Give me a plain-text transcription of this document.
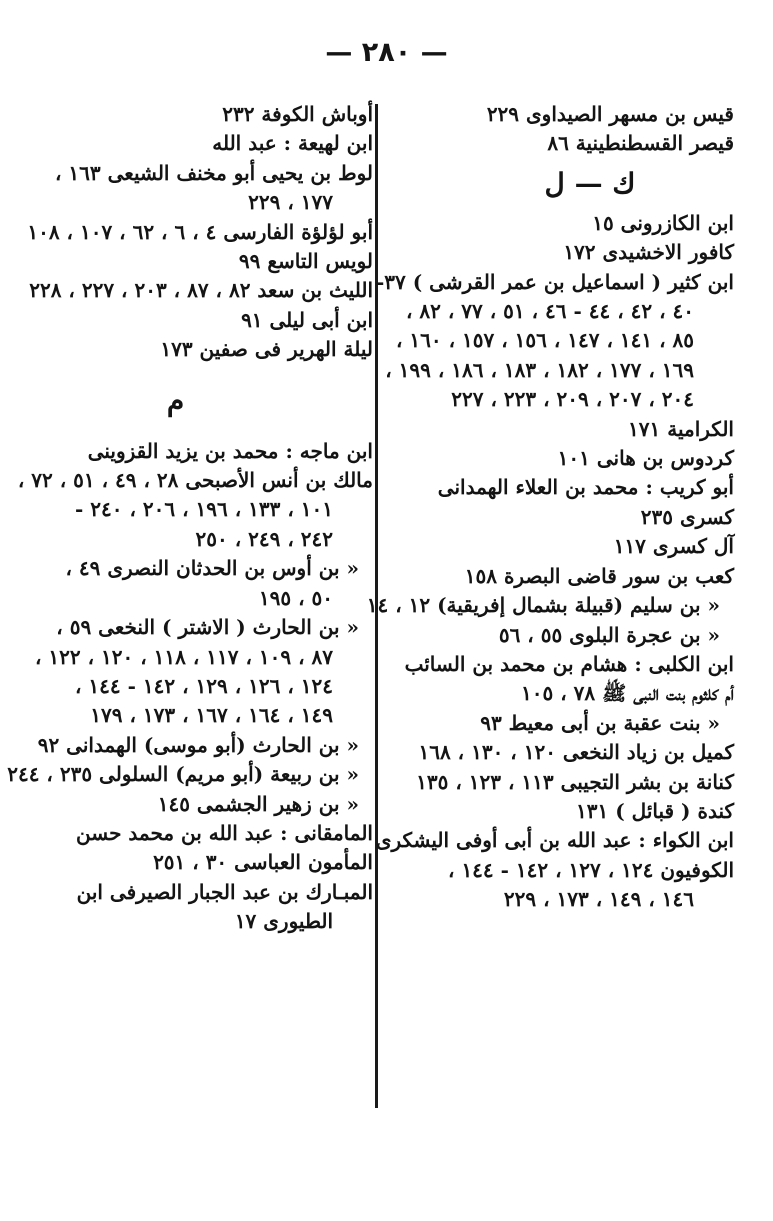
— ٢٨٠ —
قيس بن مسهر الصيداوى ٢٢٩
قيصر القسطنطينية ٨٦
ك — ل
ابن الكازرونى ١٥
كافور الاخشيدى ١٧٢
ابن كثير ( اسماعيل بن عمر القرشى ) ٣٧-
٤٠ ، ٤٢ ، ٤٤ - ٤٦ ، ٥١ ، ٧٧ ، ٨٢ ،
٨٥ ، ١٤١ ، ١٤٧ ، ١٥٦ ، ١٥٧ ، ١٦٠ ،
١٦٩ ، ١٧٧ ، ١٨٢ ، ١٨٣ ، ١٨٦ ، ١٩٩ ،
٢٠٤ ، ٢٠٧ ، ٢٠٩ ، ٢٢٣ ، ٢٢٧
الكرامية ١٧١
كردوس بن هانى ١٠١
أبو كريب : محمد بن العلاء الهمدانى
كسرى ٢٣٥
آل كسرى ١١٧
كعب بن سور قاضى البصرة ١٥٨
« بن سليم (قبيلة بشمال إفريقية) ١٢ ، ١٤
« بن عجرة البلوى ٥٥ ، ٥٦
ابن الكلبى : هشام بن محمد بن السائب
أم كلثوم بنت النبى ﷺ ٧٨ ، ١٠٥
« بنت عقبة بن أبى معيط ٩٣
كميل بن زياد النخعى ١٢٠ ، ١٣٠ ، ١٦٨
كنانة بن بشر التجيبى ١١٣ ، ١٢٣ ، ١٣٥
كندة ( قبائل ) ١٣١
ابن الكواء : عبد الله بن أبى أوفى اليشكرى
الكوفيون ١٢٤ ، ١٢٧ ، ١٤٢ - ١٤٤ ،
١٤٦ ، ١٤٩ ، ١٧٣ ، ٢٢٩
أوباش الكوفة ٢٣٢
ابن لهيعة : عبد الله
لوط بن يحيى أبو مخنف الشيعى ١٦٣ ،
١٧٧ ، ٢٢٩
أبو لؤلؤة الفارسى ٤ ، ٦ ، ٦٢ ، ١٠٧ ، ١٠٨
لويس التاسع ٩٩
الليث بن سعد ٨٢ ، ٨٧ ، ٢٠٣ ، ٢٢٧ ، ٢٢٨
ابن أبى ليلى ٩١
ليلة الهرير فى صفين ١٧٣
م
ابن ماجه : محمد بن يزيد القزوينى
مالك بن أنس الأصبحى ٢٨ ، ٤٩ ، ٥١ ، ٧٢ ،
١٠١ ، ١٣٣ ، ١٩٦ ، ٢٠٦ ، ٢٤٠ -
٢٤٢ ، ٢٤٩ ، ٢٥٠
« بن أوس بن الحدثان النصرى ٤٩ ،
٥٠ ، ١٩٥
« بن الحارث ( الاشتر ) النخعى ٥٩ ،
٨٧ ، ١٠٩ ، ١١٧ ، ١١٨ ، ١٢٠ ، ١٢٢ ،
١٢٤ ، ١٢٦ ، ١٢٩ ، ١٤٢ - ١٤٤ ،
١٤٩ ، ١٦٤ ، ١٦٧ ، ١٧٣ ، ١٧٩
« بن الحارث (أبو موسى) الهمدانى ٩٢
« بن ربيعة (أبو مريم) السلولى ٢٣٥ ، ٢٤٤
« بن زهير الجشمى ١٤٥
المامقانى : عبد الله بن محمد حسن
المأمون العباسى ٣٠ ، ٢٥١
المبـارك بن عبد الجبار الصيرفى ابن
الطيورى ١٧
